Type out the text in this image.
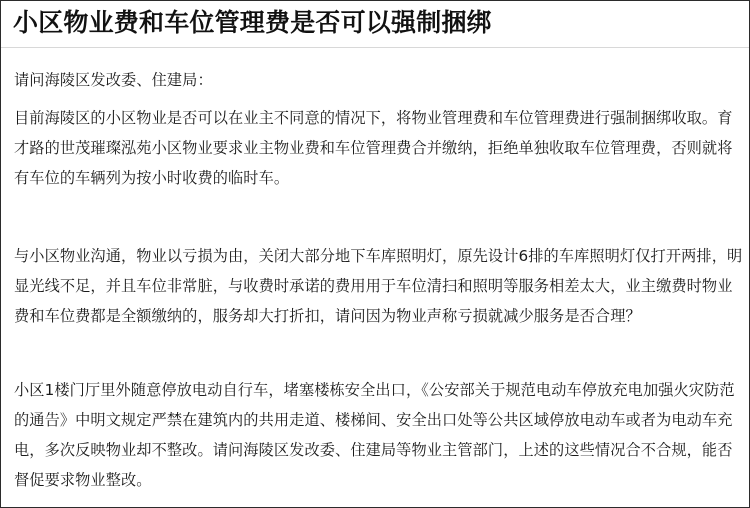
小区物业费和车位管理费是否可以强制捆绑

请问海陵区发改委、住建局：

目前海陵区的小区物业是否可以在业主不同意的情况下，将物业管理费和车位管理费进行强制捆绑收取。育才路的世茂璀璨泓苑小区物业要求业主物业费和车位管理费合并缴纳，拒绝单独收取车位管理费，否则就将有车位的车辆列为按小时收费的临时车。

与小区物业沟通，物业以亏损为由，关闭大部分地下车库照明灯，原先设计6排的车库照明灯仅打开两排，明显光线不足，并且车位非常脏，与收费时承诺的费用用于车位清扫和照明等服务相差太大，业主缴费时物业费和车位费都是全额缴纳的，服务却大打折扣，请问因为物业声称亏损就减少服务是否合理？

小区1楼门厅里外随意停放电动自行车，堵塞楼栋安全出口，《公安部关于规范电动车停放充电加强火灾防范的通告》中明文规定严禁在建筑内的共用走道、楼梯间、安全出口处等公共区域停放电动车或者为电动车充电，多次反映物业却不整改。请问海陵区发改委、住建局等物业主管部门，上述的这些情况合不合规，能否督促要求物业整改。
